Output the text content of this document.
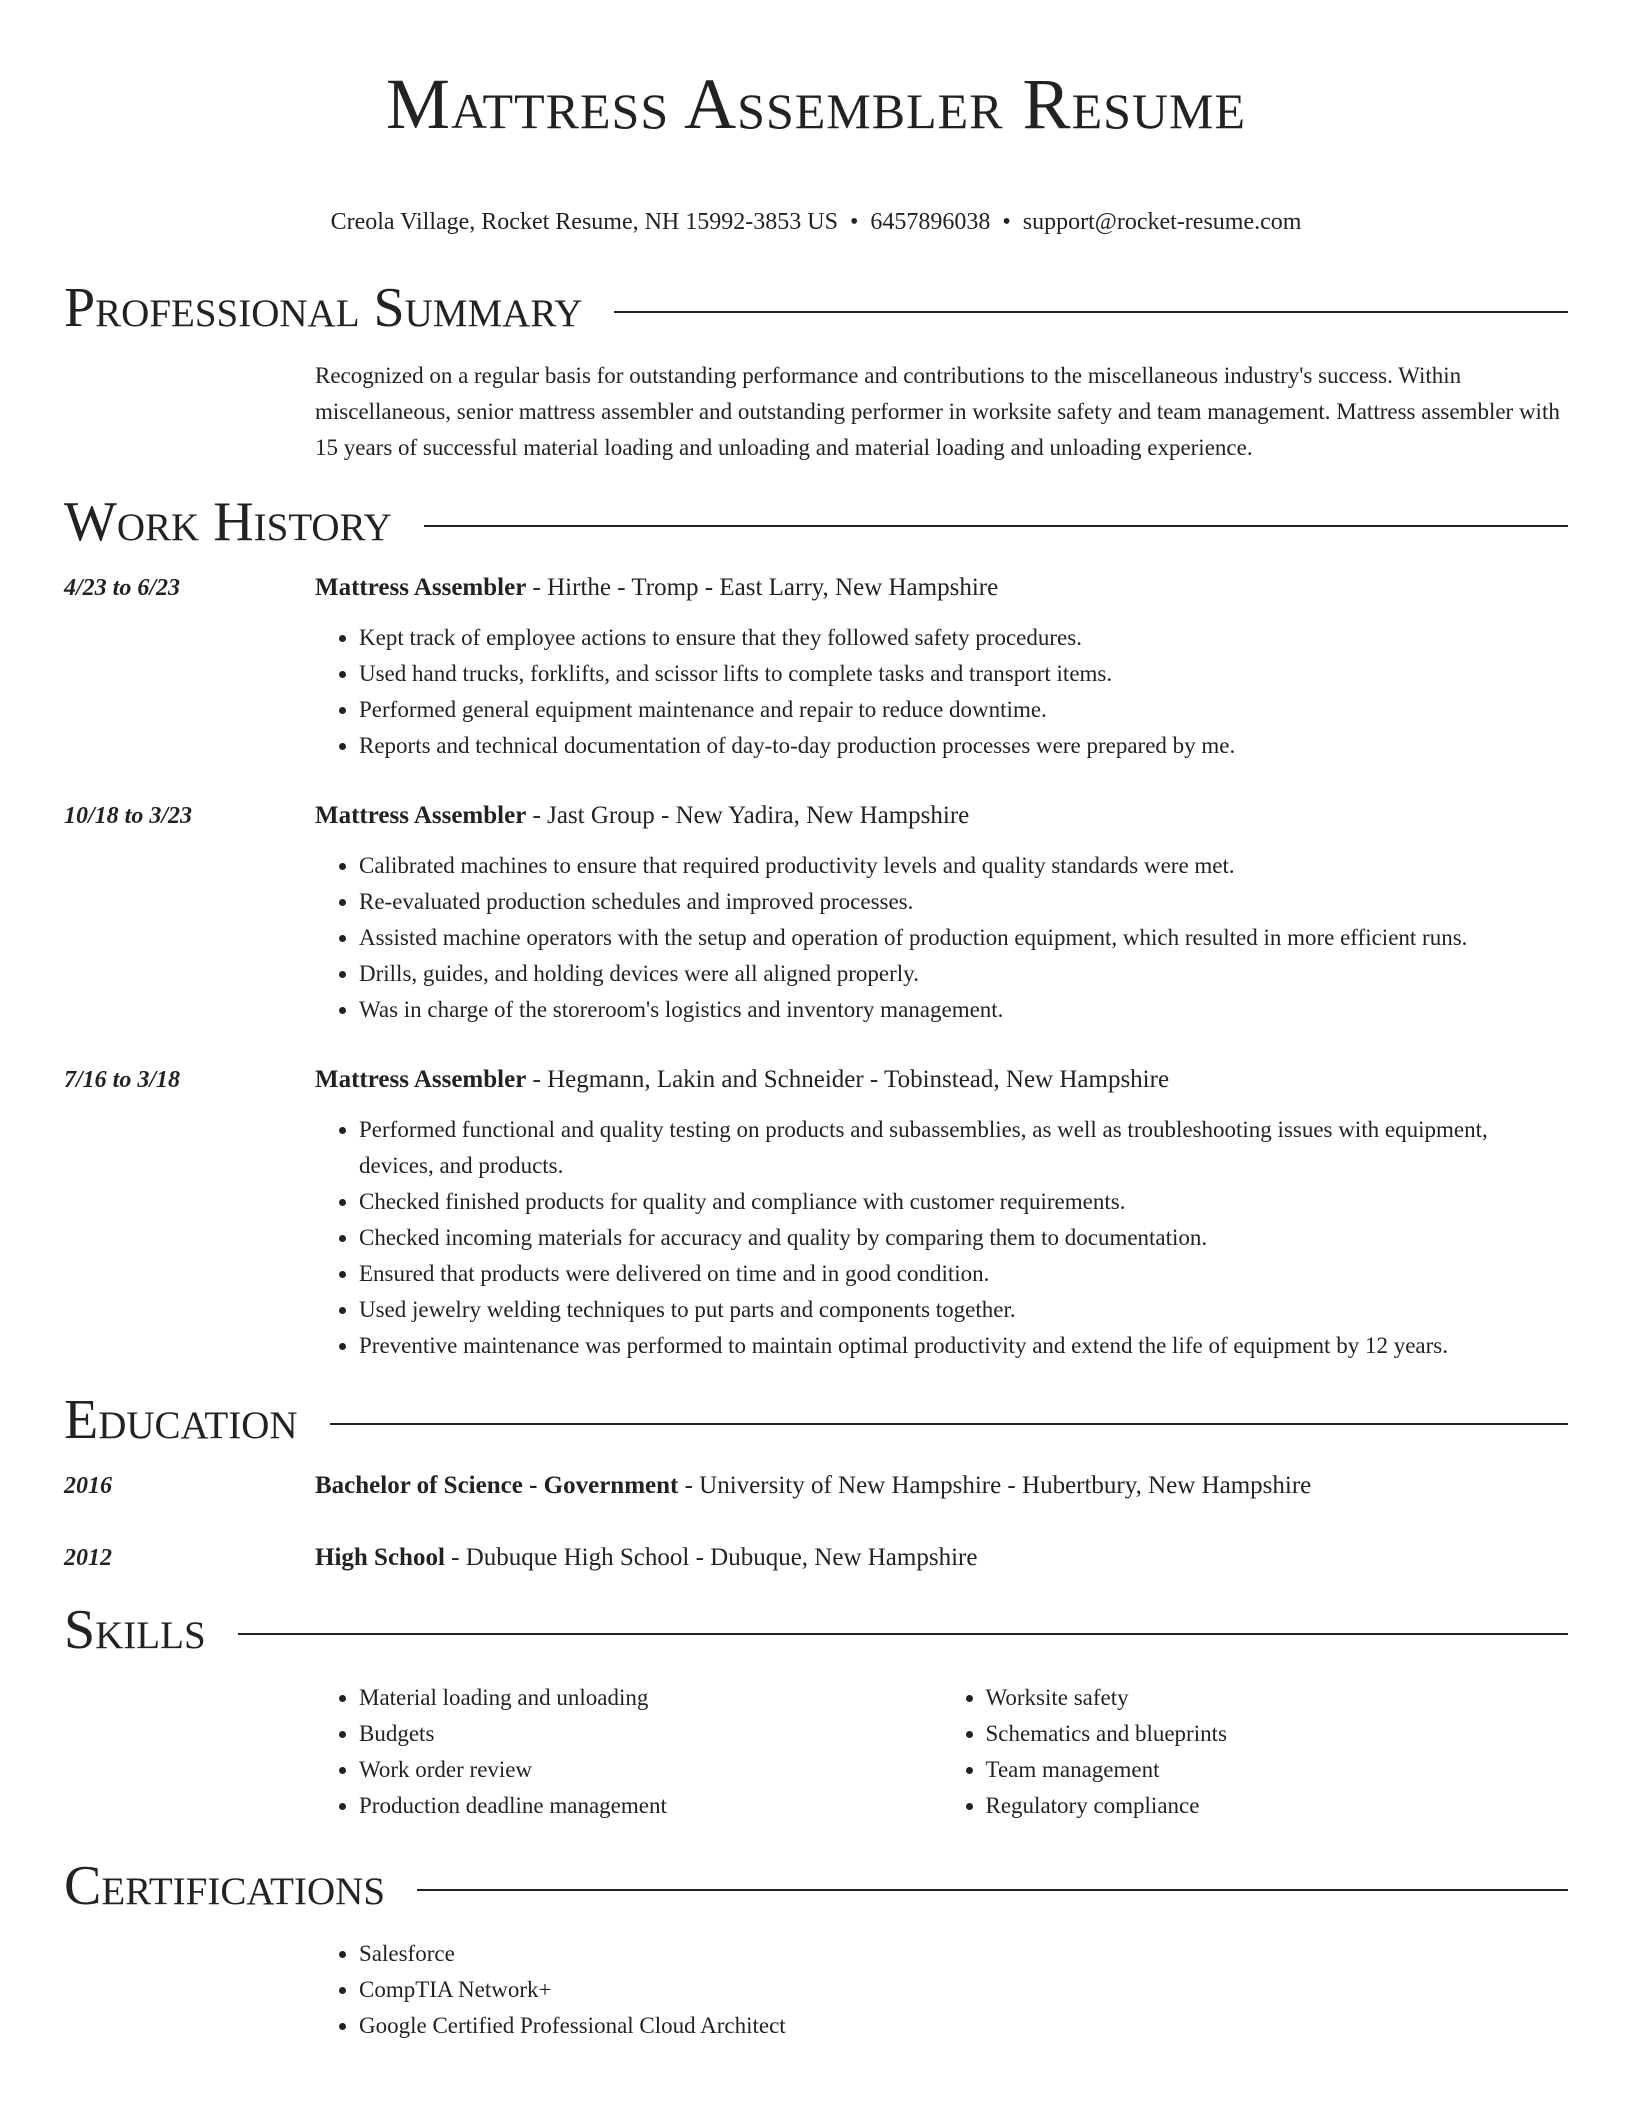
Mattress Assembler Resume
Creola Village, Rocket Resume, NH 15992-3853 US • 6457896038 • support@rocket-resume.com
Professional Summary
Recognized on a regular basis for outstanding performance and contributions to the miscellaneous industry's success. Within miscellaneous, senior mattress assembler and outstanding performer in worksite safety and team management. Mattress assembler with 15 years of successful material loading and unloading and material loading and unloading experience.
Work History
4/23 to 6/23	Mattress Assembler - Hirthe - Tromp - East Larry, New Hampshire
• Kept track of employee actions to ensure that they followed safety procedures.
• Used hand trucks, forklifts, and scissor lifts to complete tasks and transport items.
• Performed general equipment maintenance and repair to reduce downtime.
• Reports and technical documentation of day-to-day production processes were prepared by me.
10/18 to 3/23	Mattress Assembler - Jast Group - New Yadira, New Hampshire
• Calibrated machines to ensure that required productivity levels and quality standards were met.
• Re-evaluated production schedules and improved processes.
• Assisted machine operators with the setup and operation of production equipment, which resulted in more efficient runs.
• Drills, guides, and holding devices were all aligned properly.
• Was in charge of the storeroom's logistics and inventory management.
7/16 to 3/18	Mattress Assembler - Hegmann, Lakin and Schneider - Tobinstead, New Hampshire
• Performed functional and quality testing on products and subassemblies, as well as troubleshooting issues with equipment, devices, and products.
• Checked finished products for quality and compliance with customer requirements.
• Checked incoming materials for accuracy and quality by comparing them to documentation.
• Ensured that products were delivered on time and in good condition.
• Used jewelry welding techniques to put parts and components together.
• Preventive maintenance was performed to maintain optimal productivity and extend the life of equipment by 12 years.
Education
2016	Bachelor of Science - Government - University of New Hampshire - Hubertbury, New Hampshire
2012	High School - Dubuque High School - Dubuque, New Hampshire
Skills
• Material loading and unloading
• Budgets
• Work order review
• Production deadline management
• Worksite safety
• Schematics and blueprints
• Team management
• Regulatory compliance
Certifications
• Salesforce
• CompTIA Network+
• Google Certified Professional Cloud Architect
